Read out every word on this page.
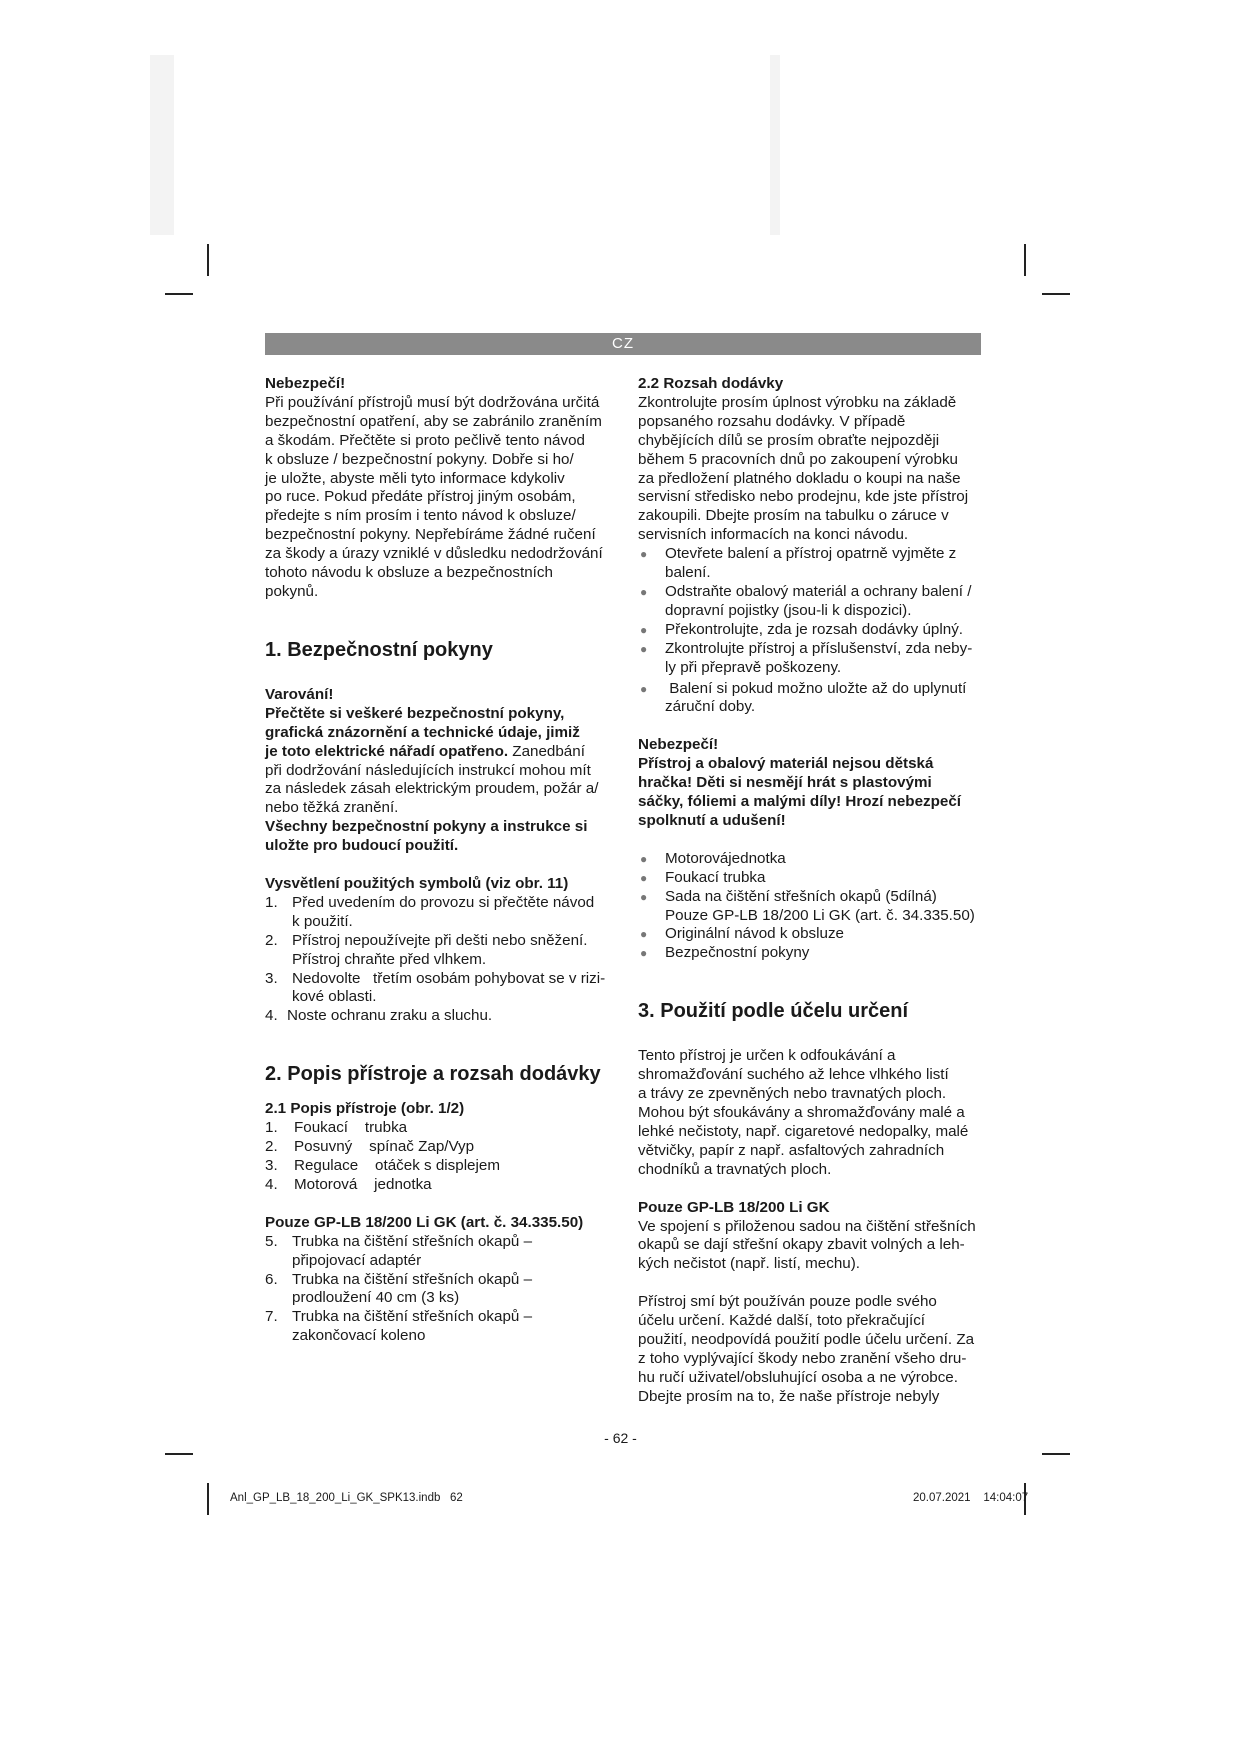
CZ

Nebezpečí!

Při používání přístrojů musí být dodržována určitá

bezpečnostní opatření, aby se zabránilo zraněním

a škodám. Přečtěte si proto pečlivě tento návod

k obsluze / bezpečnostní pokyny. Dobře si ho/

je uložte, abyste měli tyto informace kdykoliv

po ruce. Pokud předáte přístroj jiným osobám,

předejte s ním prosím i tento návod k obsluze/

bezpečnostní pokyny. Nepřebíráme žádné ručení

za škody a úrazy vzniklé v důsledku nedodržování

tohoto návodu k obsluze a bezpečnostních

pokynů.

1. Bezpečnostní pokyny

Varování!

Přečtěte si veškeré bezpečnostní pokyny,

grafická znázornění a technické údaje, jimiž

je toto elektrické nářadí opatřeno. Zanedbání

při dodržování následujících instrukcí mohou mít

za následek zásah elektrickým proudem, požár a/

nebo těžká zranění.

Všechny bezpečnostní pokyny a instrukce si

uložte pro budoucí použití.

Vysvětlení použitých symbolů (viz obr. 11)

1. Před uvedením do provozu si přečtěte návod
k použití.
2. Přístroj nepoužívejte při dešti nebo sněžení.
Přístroj chraňte před vlhkem.
3. Nedovolte   třetím osobám pohybovat se v rizi-
kové oblasti.
4. Noste ochranu zraku a sluchu.

2. Popis přístroje a rozsah dodávky

2.1 Popis přístroje (obr. 1/2)

1. Foukací    trubka
2. Posuvný    spínač Zap/Vyp
3. Regulace    otáček s displejem
4. Motorová    jednotka

Pouze GP-LB 18/200 Li GK (art. č. 34.335.50)

5. Trubka na čištění střešních okapů –
připojovací adaptér
6. Trubka na čištění střešních okapů –
prodloužení 40 cm (3 ks)
7. Trubka na čištění střešních okapů –
zakončovací koleno

2.2 Rozsah dodávky

Zkontrolujte prosím úplnost výrobku na základě

popsaného rozsahu dodávky. V případě

chybějících dílů se prosím obraťte nejpozději

během 5 pracovních dnů po zakoupení výrobku

za předložení platného dokladu o koupi na naše

servisní středisko nebo prodejnu, kde jste přístroj

zakoupili. Dbejte prosím na tabulku o záruce v

servisních informacích na konci návodu.

● Otevřete balení a přístroj opatrně vyjměte z
balení.
● Odstraňte obalový materiál a ochrany balení /
dopravní pojistky (jsou-li k dispozici).
● Překontrolujte, zda je rozsah dodávky úplný.
● Zkontrolujte přístroj a příslušenství, zda neby-
ly při přepravě poškozeny.
● Balení si pokud možno uložte až do uplynutí
záruční doby.

Nebezpečí!

Přístroj a obalový materiál nejsou dětská

hračka! Děti si nesmějí hrát s plastovými

sáčky, fóliemi a malými díly! Hrozí nebezpečí

spolknutí a udušení!

● Motorovájednotka
● Foukací trubka
● Sada na čištění střešních okapů (5dílná)
Pouze GP-LB 18/200 Li GK (art. č. 34.335.50)
● Originální návod k obsluze
● Bezpečnostní pokyny

3. Použití podle účelu určení

Tento přístroj je určen k odfoukávání a

shromažďování suchého až lehce vlhkého listí

a trávy ze zpevněných nebo travnatých ploch.

Mohou být sfoukávány a shromažďovány malé a

lehké nečistoty, např. cigaretové nedopalky, malé

větvičky, papír z např. asfaltových zahradních

chodníků a travnatých ploch.

Pouze GP-LB 18/200 Li GK

Ve spojení s přiloženou sadou na čištění střešních

okapů se dají střešní okapy zbavit volných a leh-

kých nečistot (např. listí, mechu).

Přístroj smí být používán pouze podle svého

účelu určení. Každé další, toto překračující

použití, neodpovídá použití podle účelu určení. Za

z toho vyplývající škody nebo zranění všeho dru-

hu ručí uživatel/obsluhující osoba a ne výrobce.

Dbejte prosím na to, že naše přístroje nebyly

- 62 -
Anl_GP_LB_18_200_Li_GK_SPK13.indb   62	20.07.2021 14:04:07
